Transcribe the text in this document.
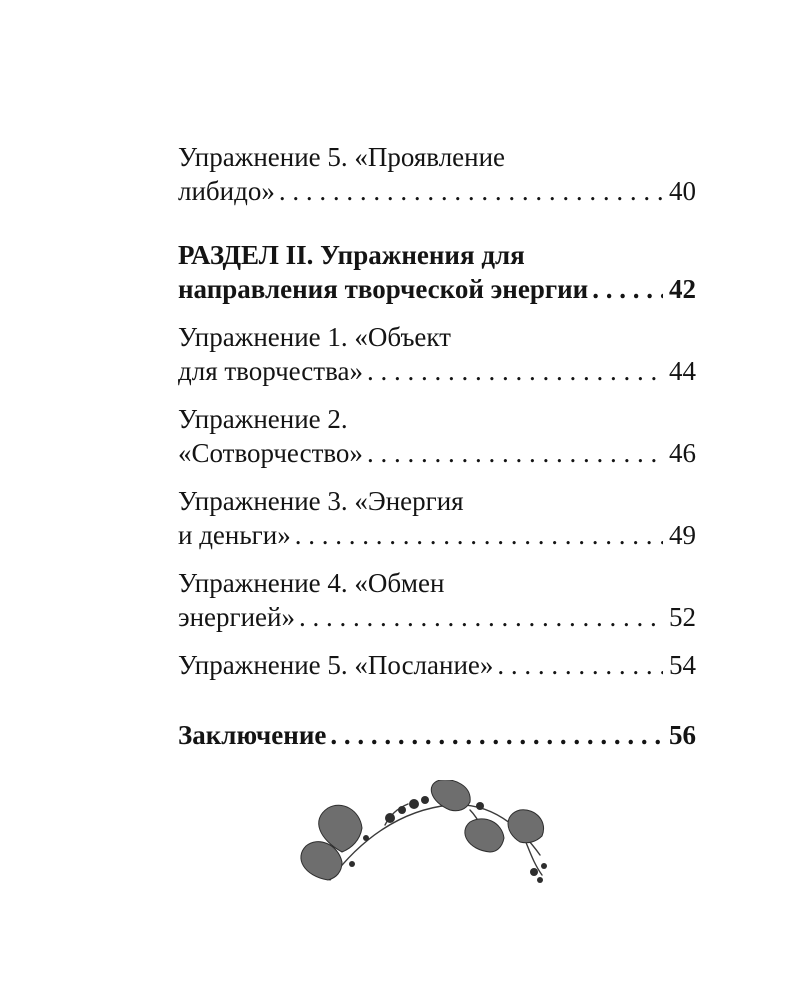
Упражнение 5. «Проявление
либидо» . . .	40
РАЗДЕЛ II. Упражнения для
направления творческой энергии . . .	42
Упражнение 1. «Объект
для творчества» . . .	44
Упражнение 2.
«Сотворчество» . . .	46
Упражнение 3. «Энергия
и деньги» . . .	49
Упражнение 4. «Обмен
энергией» . . .	52
Упражнение 5. «Послание» . . .	54
Заключение . . .	56
